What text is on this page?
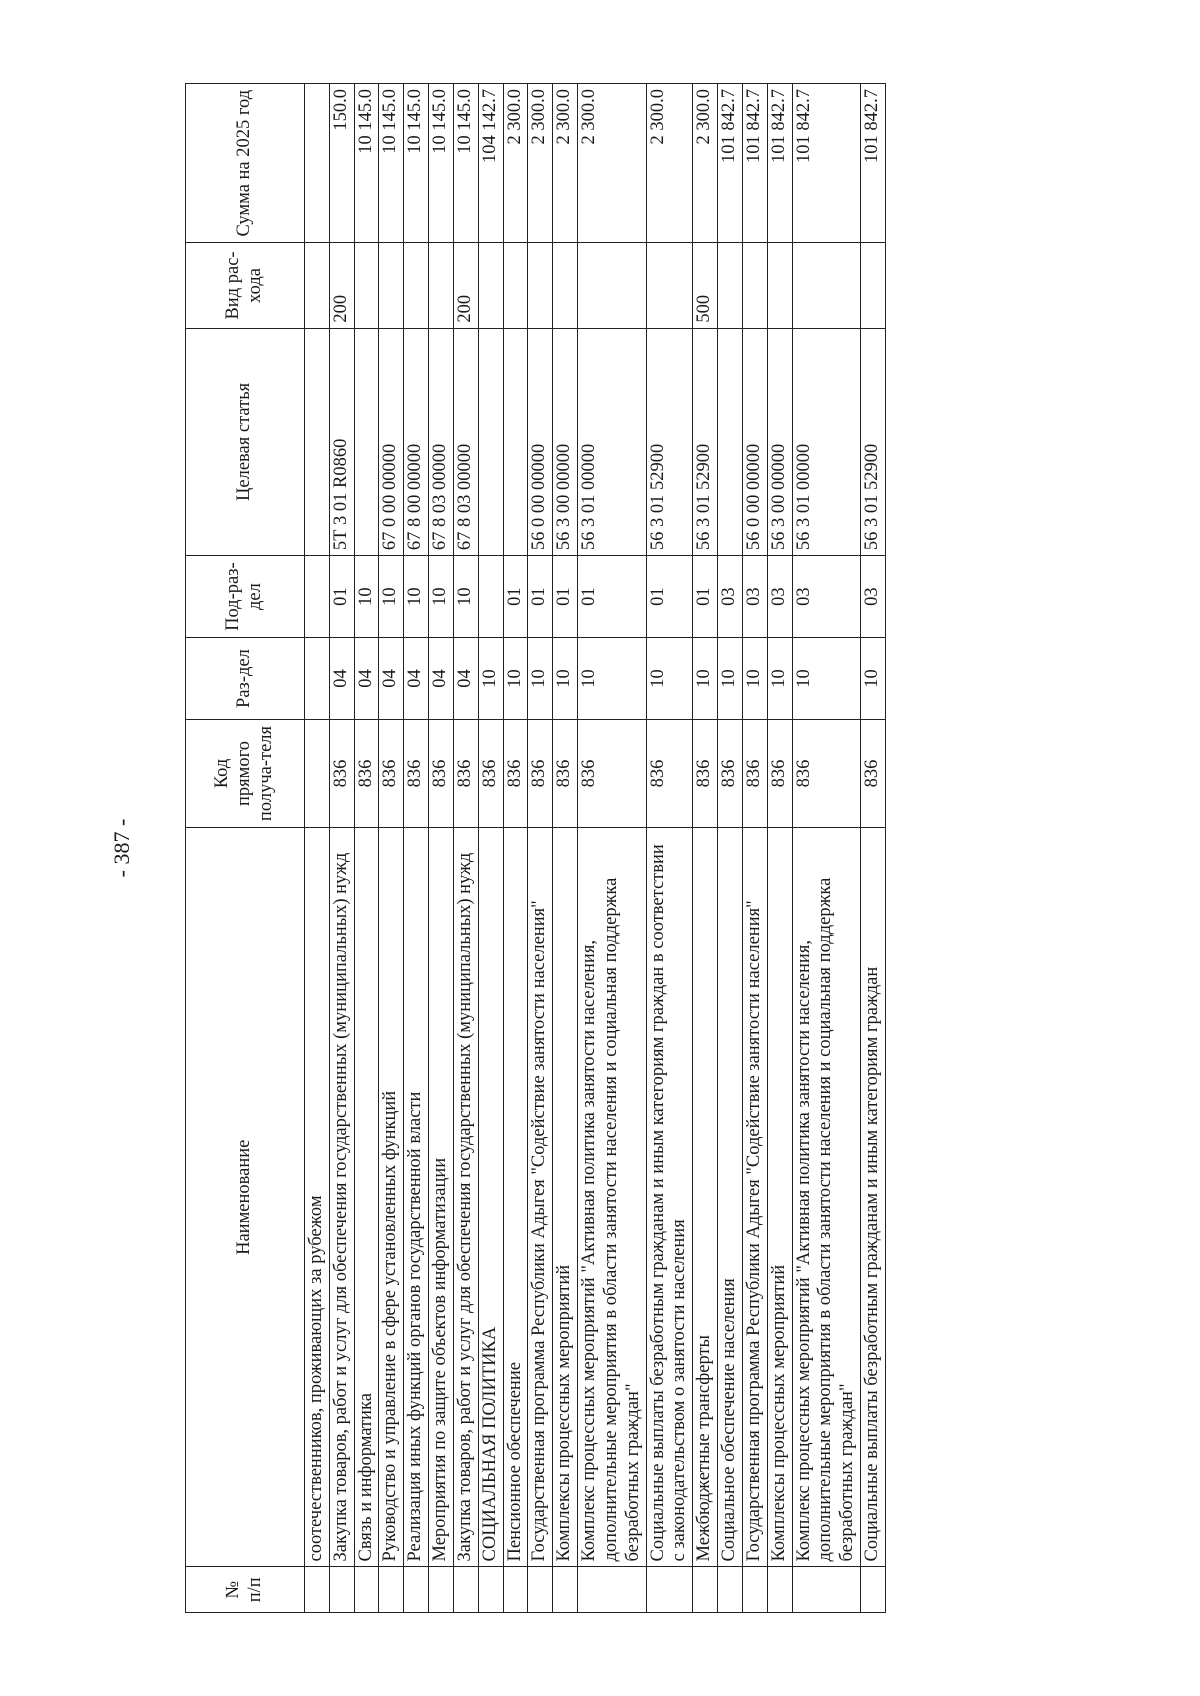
- 387 -
№ п/п	Наименование	Код прямого получа-теля	Раз-дел	Под-раз-дел	Целевая статья	Вид рас-хода	Сумма на 2025 год
	соотечественников, проживающих за рубежом						
	Закупка товаров, работ и услуг для обеспечения государственных (муниципальных) нужд	836	04	01	5Т 3 01 R0860	200	150.0
	Связь и информатика	836	04	10			10 145.0
	Руководство и управление в сфере установленных функций	836	04	10	67 0 00 00000		10 145.0
	Реализация иных функций органов государственной власти	836	04	10	67 8 00 00000		10 145.0
	Мероприятия по защите объектов информатизации	836	04	10	67 8 03 00000		10 145.0
	Закупка товаров, работ и услуг для обеспечения государственных (муниципальных) нужд	836	04	10	67 8 03 00000	200	10 145.0
	СОЦИАЛЬНАЯ ПОЛИТИКА	836	10				104 142.7
	Пенсионное обеспечение	836	10	01			2 300.0
	Государственная программа Республики Адыгея "Содействие занятости населения"	836	10	01	56 0 00 00000		2 300.0
	Комплексы процессных мероприятий	836	10	01	56 3 00 00000		2 300.0
	Комплекс процессных мероприятий "Активная политика занятости населения, дополнительные мероприятия в области занятости населения и социальная поддержка безработных граждан"	836	10	01	56 3 01 00000		2 300.0
	Социальные выплаты безработным гражданам и иным категориям граждан в соответствии с законодательством о занятости населения	836	10	01	56 3 01 52900		2 300.0
	Межбюджетные трансферты	836	10	01	56 3 01 52900	500	2 300.0
	Социальное обеспечение населения	836	10	03			101 842.7
	Государственная программа Республики Адыгея "Содействие занятости населения"	836	10	03	56 0 00 00000		101 842.7
	Комплексы процессных мероприятий	836	10	03	56 3 00 00000		101 842.7
	Комплекс процессных мероприятий "Активная политика занятости населения, дополнительные мероприятия в области занятости населения и социальная поддержка безработных граждан"	836	10	03	56 3 01 00000		101 842.7
	Социальные выплаты безработным гражданам и иным категориям граждан	836	10	03	56 3 01 52900		101 842.7
